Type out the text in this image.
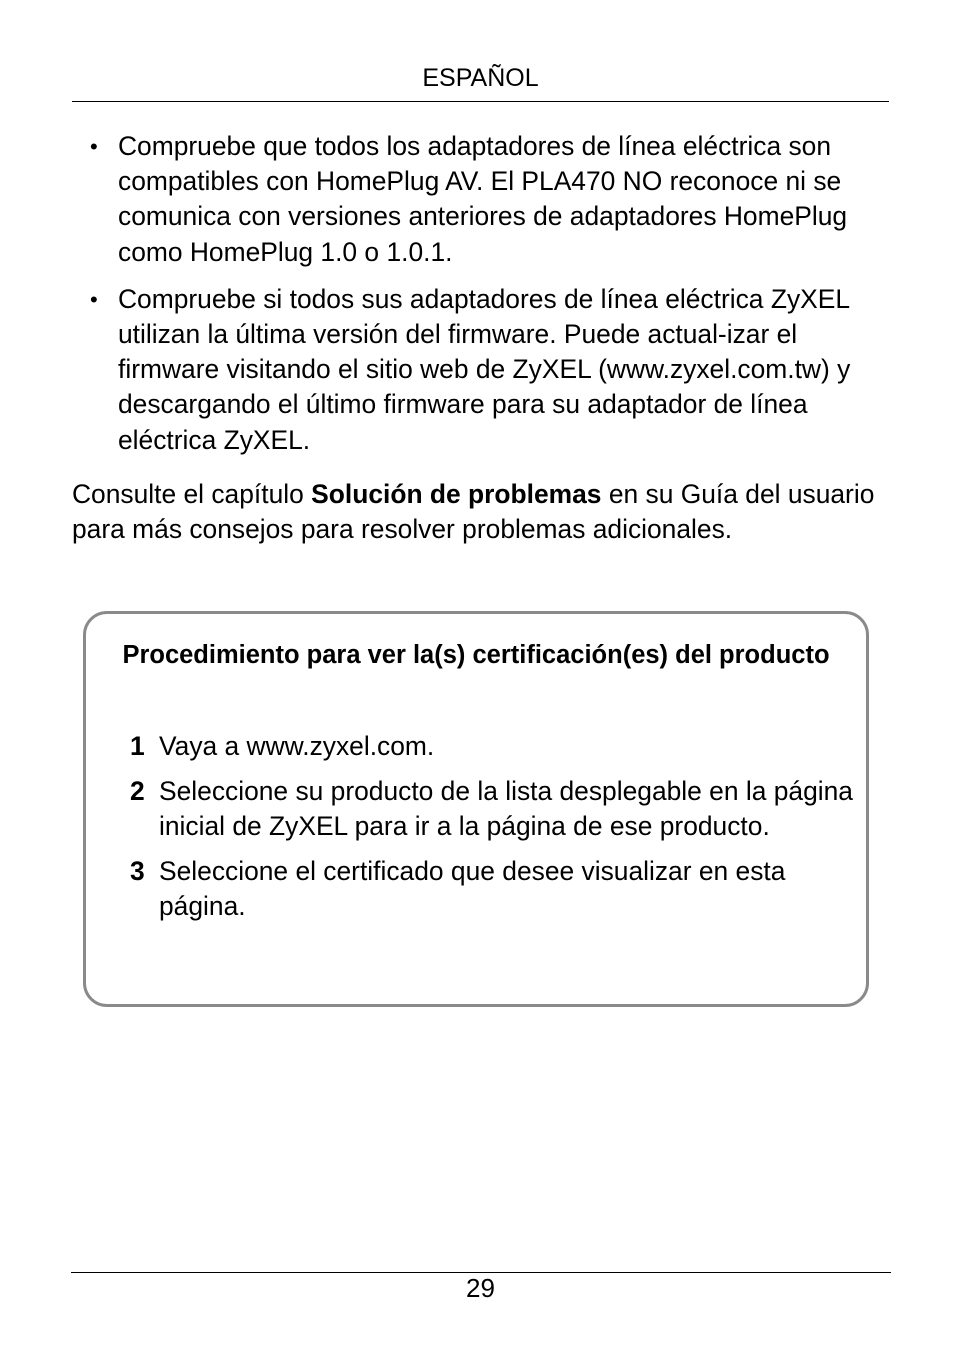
ESPAÑOL
• Compruebe que todos los adaptadores de línea eléctrica son compatibles con HomePlug AV. El PLA470 NO reconoce ni se comunica con versiones anteriores de adaptadores HomePlug como HomePlug 1.0 o 1.0.1.
• Compruebe si todos sus adaptadores de línea eléctrica ZyXEL utilizan la última versión del firmware. Puede actual-izar el firmware visitando el sitio web de ZyXEL (www.zyxel.com.tw) y descargando el último firmware para su adaptador de línea eléctrica ZyXEL.

Consulte el capítulo Solución de problemas en su Guía del usuario para más consejos para resolver problemas adicionales.

Procedimiento para ver la(s) certificación(es) del producto
1 Vaya a www.zyxel.com.
2 Seleccione su producto de la lista desplegable en la página inicial de ZyXEL para ir a la página de ese producto.
3 Seleccione el certificado que desee visualizar en esta página.
29
